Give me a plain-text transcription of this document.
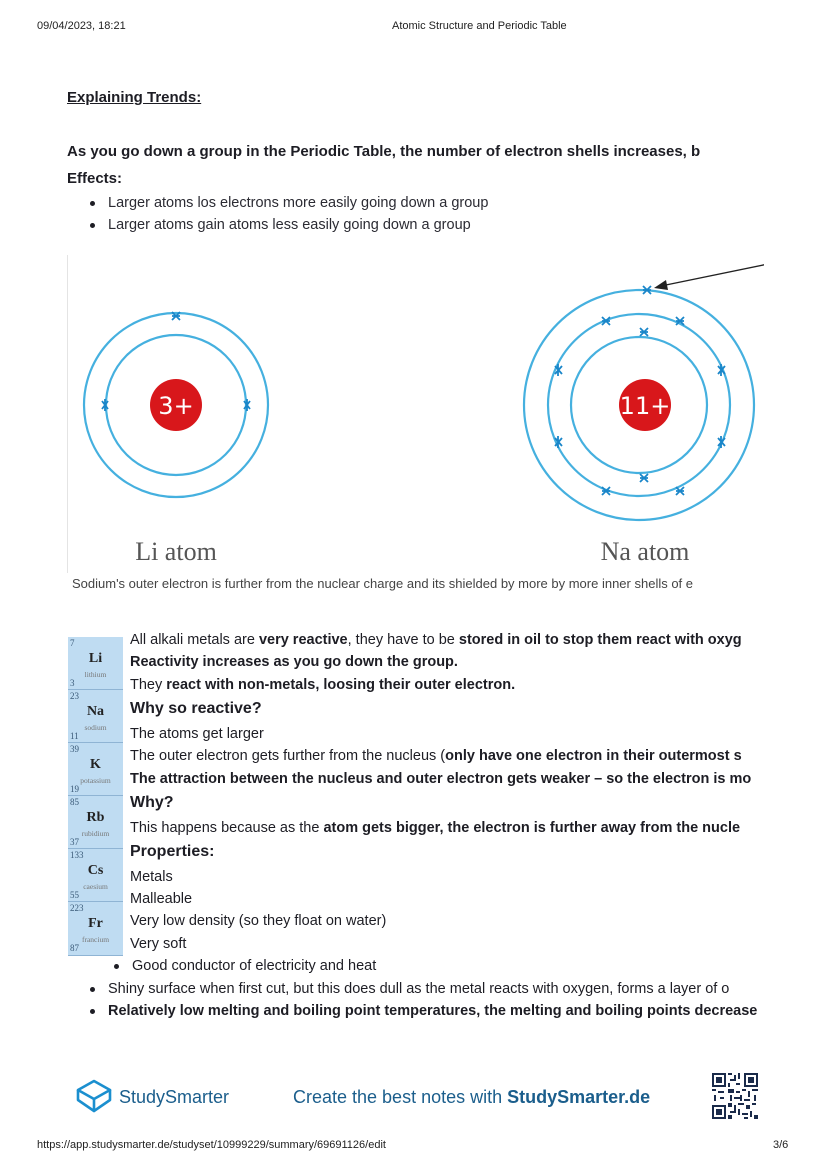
09/04/2023, 18:21	Atomic Structure and Periodic Table
Explaining Trends:
As you go down a group in the Periodic Table, the number of electron shells increases, b
Effects:
Larger atoms los electrons more easily going down a group
Larger atoms gain atoms less easily going down a group
3+	11+
Li atom	Na atom
Sodium's outer electron is further from the nuclear charge and its shielded by more by more inner shells of e
7
Li
lithium
3
23
Na
sodium
11
39
K
potassium
19
85
Rb
rubidium
37
133
Cs
caesium
55
223
Fr
francium
87
All alkali metals are very reactive, they have to be stored in oil to stop them react with oxyg
Reactivity increases as you go down the group.
They react with non-metals, loosing their outer electron.
Why so reactive?
The atoms get larger
The outer electron gets further from the nucleus (only have one electron in their outermost s
The attraction between the nucleus and outer electron gets weaker – so the electron is mo
Why?
This happens because as the atom gets bigger, the electron is further away from the nucle
Properties:
Metals
Malleable
Very low density (so they float on water)
Very soft
Good conductor of electricity and heat
Shiny surface when first cut, but this does dull as the metal reacts with oxygen, forms a layer of o
Relatively low melting and boiling point temperatures, the melting and boiling points decrease
StudySmarter	Create the best notes with StudySmarter.de
https://app.studysmarter.de/studyset/10999229/summary/69691126/edit	3/6
